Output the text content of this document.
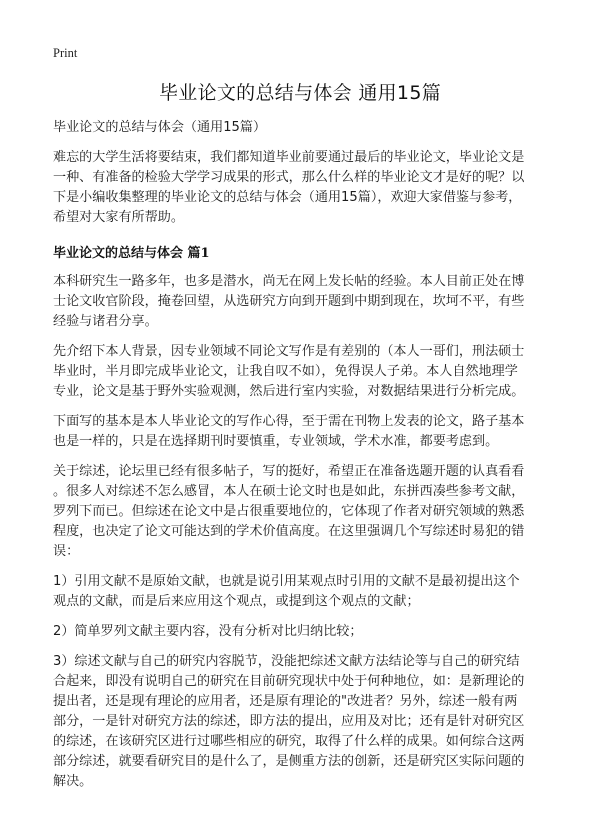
Print
毕业论文的总结与体会 通用15篇

毕业论文的总结与体会（通用15篇）

难忘的大学生活将要结束，我们都知道毕业前要通过最后的毕业论文，毕业论文是
一种、有准备的检验大学学习成果的形式，那么什么样的毕业论文才是好的呢？以
下是小编收集整理的毕业论文的总结与体会（通用15篇），欢迎大家借鉴与参考，
希望对大家有所帮助。

毕业论文的总结与体会 篇1

本科研究生一路多年，也多是潜水，尚无在网上发长帖的经验。本人目前正处在博
士论文收官阶段，掩卷回望，从选研究方向到开题到中期到现在，坎坷不平，有些
经验与诸君分享。

先介绍下本人背景，因专业领域不同论文写作是有差别的（本人一哥们，刑法硕士
毕业时，半月即完成毕业论文，让我自叹不如），免得误人子弟。本人自然地理学
专业，论文是基于野外实验观测，然后进行室内实验，对数据结果进行分析完成。

下面写的基本是本人毕业论文的写作心得，至于需在刊物上发表的论文，路子基本
也是一样的，只是在选择期刊时要慎重，专业领域，学术水准，都要考虑到。

关于综述，论坛里已经有很多帖子，写的挺好，希望正在准备选题开题的认真看看
。很多人对综述不怎么感冒，本人在硕士论文时也是如此，东拼西凑些参考文献，
罗列下而已。但综述在论文中是占很重要地位的，它体现了作者对研究领域的熟悉
程度，也决定了论文可能达到的学术价值高度。在这里强调几个写综述时易犯的错
误：

1）引用文献不是原始文献，也就是说引用某观点时引用的文献不是最初提出这个
观点的文献，而是后来应用这个观点，或提到这个观点的文献；

2）简单罗列文献主要内容，没有分析对比归纳比较；

3）综述文献与自己的研究内容脱节，没能把综述文献方法结论等与自己的研究结
合起来，即没有说明自己的研究在目前研究现状中处于何种地位，如：是新理论的
提出者，还是现有理论的应用者，还是原有理论的"改进者？另外，综述一般有两
部分，一是针对研究方法的综述，即方法的提出，应用及对比；还有是针对研究区
的综述，在该研究区进行过哪些相应的研究，取得了什么样的成果。如何综合这两
部分综述，就要看研究目的是什么了，是侧重方法的创新，还是研究区实际问题的
解决。
